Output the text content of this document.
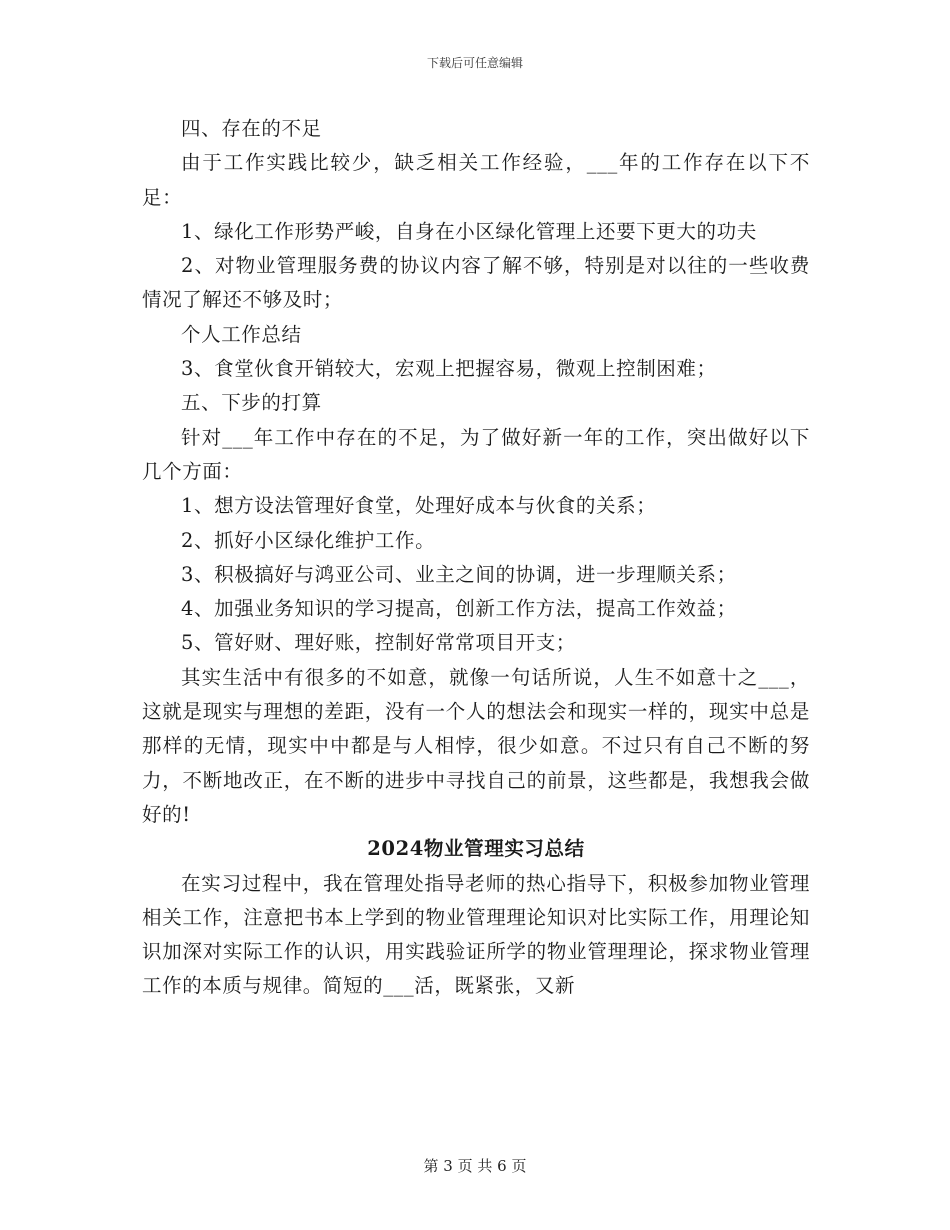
下载后可任意编辑

四、存在的不足

由于工作实践比较少，缺乏相关工作经验，___年的工作存在以下不足：

1、绿化工作形势严峻，自身在小区绿化管理上还要下更大的功夫

2、对物业管理服务费的协议内容了解不够，特别是对以往的一些收费情况了解还不够及时；

个人工作总结

3、食堂伙食开销较大，宏观上把握容易，微观上控制困难；

五、下步的打算

针对___年工作中存在的不足，为了做好新一年的工作，突出做好以下几个方面：

1、想方设法管理好食堂，处理好成本与伙食的关系；

2、抓好小区绿化维护工作。

3、积极搞好与鸿亚公司、业主之间的协调，进一步理顺关系；

4、加强业务知识的学习提高，创新工作方法，提高工作效益；

5、管好财、理好账，控制好常常项目开支；

其实生活中有很多的不如意，就像一句话所说，人生不如意十之___，这就是现实与理想的差距，没有一个人的想法会和现实一样的，现实中总是那样的无情，现实中中都是与人相悖，很少如意。不过只有自己不断的努力，不断地改正，在不断的进步中寻找自己的前景，这些都是，我想我会做好的!

2024物业管理实习总结

在实习过程中，我在管理处指导老师的热心指导下，积极参加物业管理相关工作，注意把书本上学到的物业管理理论知识对比实际工作，用理论知识加深对实际工作的认识，用实践验证所学的物业管理理论，探求物业管理工作的本质与规律。简短的___活，既紧张，又新

第 3 页 共 6 页
